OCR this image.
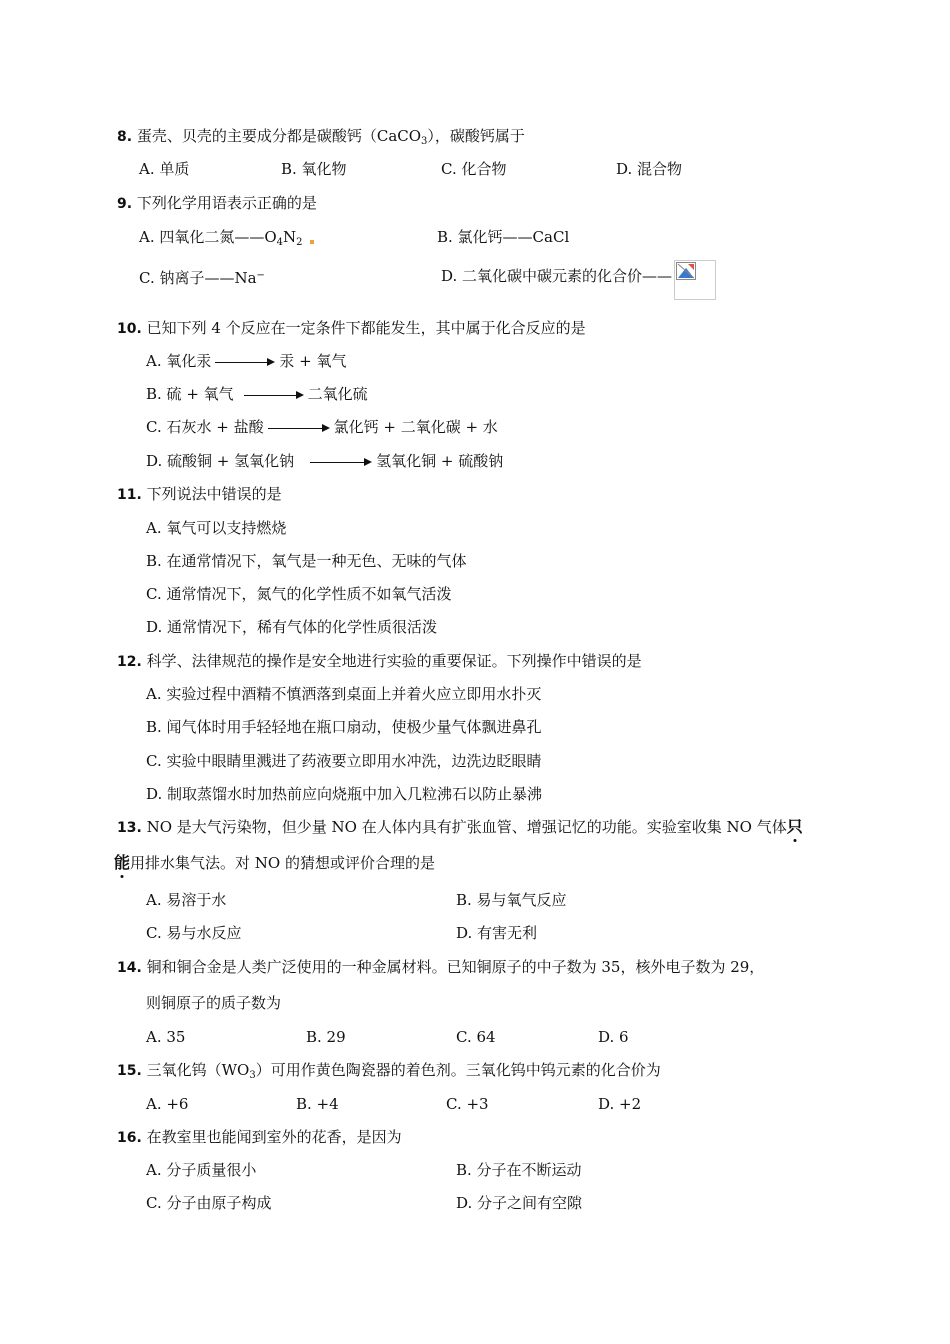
8. 蛋壳、贝壳的主要成分都是碳酸钙（CaCO$_3$），碳酸钙属于
A. 单质	B. 氧化物	C. 化合物	D. 混合物
9. 下列化学用语表示正确的是
A. 四氧化二氮$——O_4N_2$	B. 氯化钙——CaCl
C. 钠离子——Na−	D. 二氧化碳中碳元素的化合价——
10. 已知下列 4 个反应在一定条件下都能发生，其中属于化合反应的是
A. 氧化汞	汞 + 氧气
B. 硫 + 氧气	二氧化硫
C. 石灰水 + 盐酸	氯化钙 + 二氧化碳 + 水
D. 硫酸铜 + 氢氧化钠	氢氧化铜 + 硫酸钠
11. 下列说法中错误的是
A. 氧气可以支持燃烧
B. 在通常情况下，氧气是一种无色、无味的气体
C. 通常情况下，氮气的化学性质不如氧气活泼
D. 通常情况下，稀有气体的化学性质很活泼
12. 科学、法律规范的操作是安全地进行实验的重要保证。下列操作中错误的是
A. 实验过程中酒精不慎洒落到桌面上并着火应立即用水扑灭
B. 闻气体时用手轻轻地在瓶口扇动，使极少量气体飘进鼻孔
C. 实验中眼睛里溅进了药液要立即用水冲洗，边洗边眨眼睛
D. 制取蒸馏水时加热前应向烧瓶中加入几粒沸石以防止暴沸
13. NO 是大气污染物，但少量 NO 在人体内具有扩张血管、增强记忆的功能。实验室收集 NO 气体只
能用排水集气法。对 NO 的猜想或评价合理的是
A. 易溶于水	B. 易与氧气反应
C. 易与水反应	D. 有害无利
14. 铜和铜合金是人类广泛使用的一种金属材料。已知铜原子的中子数为 35，核外电子数为 29，
则铜原子的质子数为
A. 35	B. 29	C. 64	D. 6
15. 三氧化钨$(WO_3)$可用作黄色陶瓷器的着色剂。三氧化钨中钨元素的化合价为
A. +6	B. +4	C. +3	D. +2
16. 在教室里也能闻到室外的花香，是因为
A. 分子质量很小	B. 分子在不断运动
C. 分子由原子构成	D. 分子之间有空隙
